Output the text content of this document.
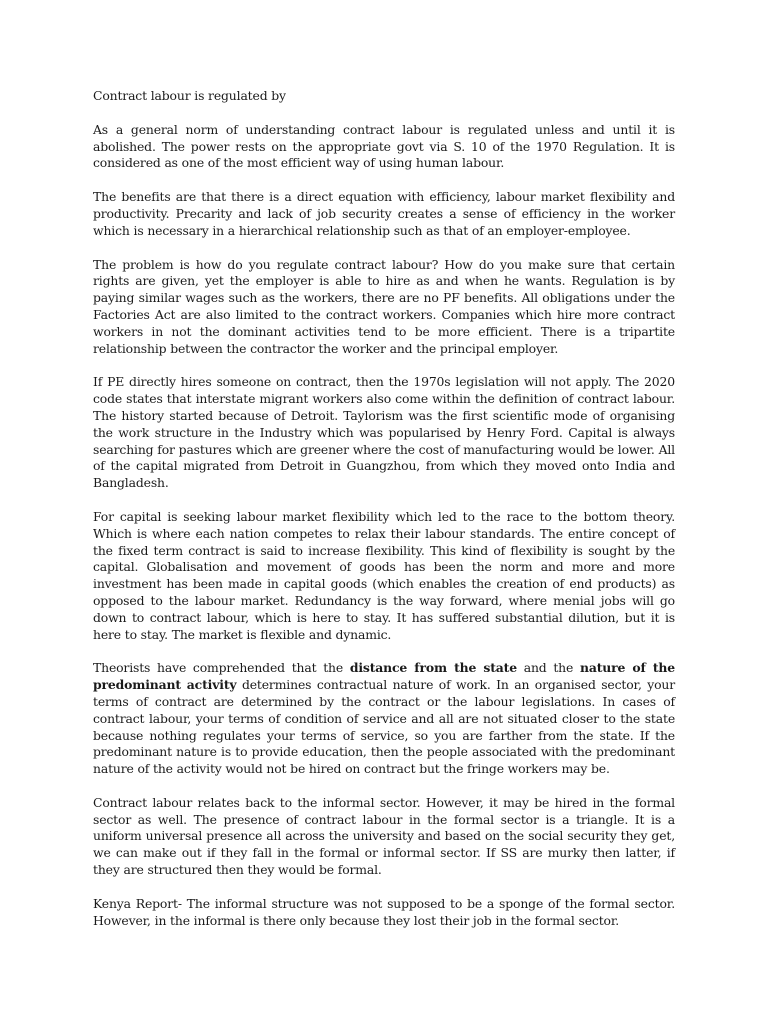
Contract labour is regulated by

As a general norm of understanding contract labour is regulated unless and until it is abolished. The power rests on the appropriate govt via S. 10 of the 1970 Regulation. It is considered as one of the most efficient way of using human labour.

The benefits are that there is a direct equation with efficiency, labour market flexibility and productivity. Precarity and lack of job security creates a sense of efficiency in the worker which is necessary in a hierarchical relationship such as that of an employer-employee.

The problem is how do you regulate contract labour? How do you make sure that certain rights are given, yet the employer is able to hire as and when he wants. Regulation is by paying similar wages such as the workers, there are no PF benefits. All obligations under the Factories Act are also limited to the contract workers. Companies which hire more contract workers in not the dominant activities tend to be more efficient. There is a tripartite relationship between the contractor the worker and the principal employer.

If PE directly hires someone on contract, then the 1970s legislation will not apply. The 2020 code states that interstate migrant workers also come within the definition of contract labour. The history started because of Detroit. Taylorism was the first scientific mode of organising the work structure in the Industry which was popularised by Henry Ford. Capital is always searching for pastures which are greener where the cost of manufacturing would be lower. All of the capital migrated from Detroit in Guangzhou, from which they moved onto India and Bangladesh.

For capital is seeking labour market flexibility which led to the race to the bottom theory. Which is where each nation competes to relax their labour standards. The entire concept of the fixed term contract is said to increase flexibility. This kind of flexibility is sought by the capital. Globalisation and movement of goods has been the norm and more and more investment has been made in capital goods (which enables the creation of end products) as opposed to the labour market. Redundancy is the way forward, where menial jobs will go down to contract labour, which is here to stay. It has suffered substantial dilution, but it is here to stay. The market is flexible and dynamic.

Theorists have comprehended that the distance from the state and the nature of the predominant activity determines contractual nature of work. In an organised sector, your terms of contract are determined by the contract or the labour legislations. In cases of contract labour, your terms of condition of service and all are not situated closer to the state because nothing regulates your terms of service, so you are farther from the state. If the predominant nature is to provide education, then the people associated with the predominant nature of the activity would not be hired on contract but the fringe workers may be.

Contract labour relates back to the informal sector. However, it may be hired in the formal sector as well. The presence of contract labour in the formal sector is a triangle. It is a uniform universal presence all across the university and based on the social security they get, we can make out if they fall in the formal or informal sector. If SS are murky then latter, if they are structured then they would be formal.

Kenya Report- The informal structure was not supposed to be a sponge of the formal sector. However, in the informal is there only because they lost their job in the formal sector.
